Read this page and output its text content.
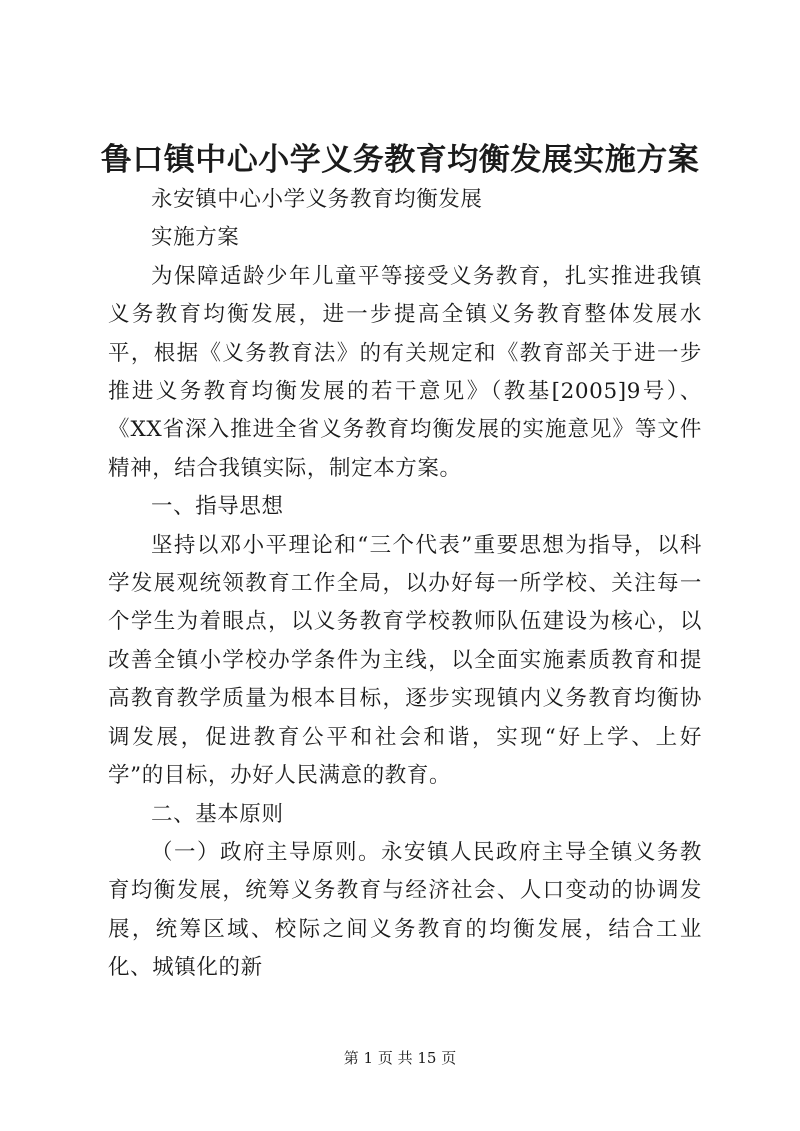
鲁口镇中心小学义务教育均衡发展实施方案

永安镇中心小学义务教育均衡发展

实施方案

为保障适龄少年儿童平等接受义务教育，扎实推进我镇义务教育均衡发展，进一步提高全镇义务教育整体发展水平，根据《义务教育法》的有关规定和《教育部关于进一步推进义务教育均衡发展的若干意见》（教基[2005]9号）、《XX省深入推进全省义务教育均衡发展的实施意见》等文件精神，结合我镇实际，制定本方案。

一、指导思想

坚持以邓小平理论和“三个代表”重要思想为指导，以科学发展观统领教育工作全局，以办好每一所学校、关注每一个学生为着眼点，以义务教育学校教师队伍建设为核心，以改善全镇小学校办学条件为主线，以全面实施素质教育和提高教育教学质量为根本目标，逐步实现镇内义务教育均衡协调发展，促进教育公平和社会和谐，实现“好上学、上好学”的目标，办好人民满意的教育。

二、基本原则

（一）政府主导原则。永安镇人民政府主导全镇义务教育均衡发展，统筹义务教育与经济社会、人口变动的协调发展，统筹区域、校际之间义务教育的均衡发展，结合工业化、城镇化的新

第 1 页 共 15 页
